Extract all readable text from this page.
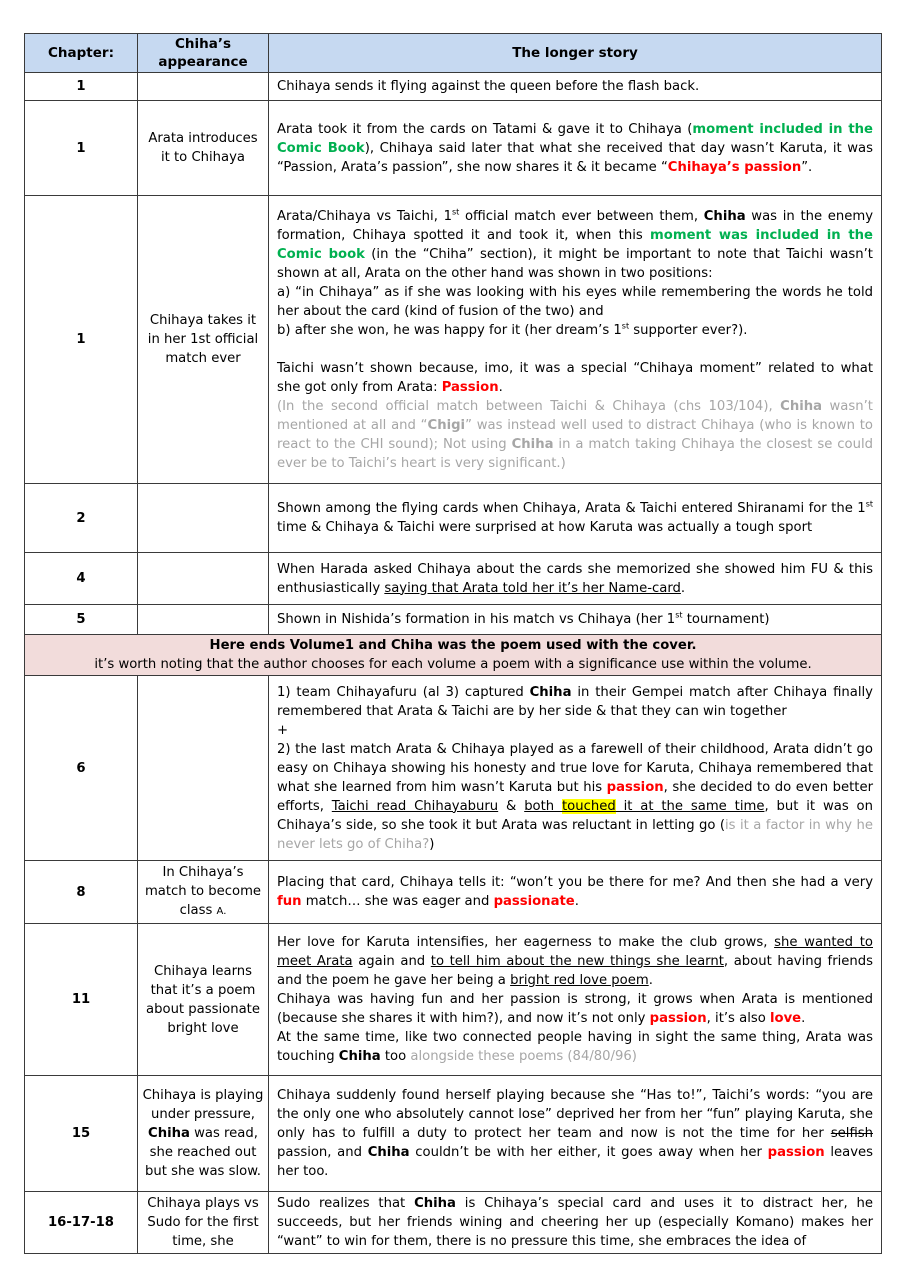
Chapter:	Chiha’s appearance	The longer story
1		Chihaya sends it flying against the queen before the flash back.
1	Arata introduces it to Chihaya	Arata took it from the cards on Tatami & gave it to Chihaya (moment included in the Comic Book), Chihaya said later that what she received that day wasn’t Karuta, it was “Passion, Arata’s passion”, she now shares it & it became “Chihaya’s passion”.
1	Chihaya takes it in her 1st official match ever	Arata/Chihaya vs Taichi, 1st official match ever between them, Chiha was in the enemy formation, Chihaya spotted it and took it, when this moment was included in the Comic book (in the “Chiha” section), it might be important to note that Taichi wasn’t shown at all, Arata on the other hand was shown in two positions:

a) “in Chihaya” as if she was looking with his eyes while remembering the words he told her about the card (kind of fusion of the two) and

b) after she won, he was happy for it (her dream’s 1st supporter ever?).

Taichi wasn’t shown because, imo, it was a special “Chihaya moment” related to what she got only from Arata: Passion.

(In the second official match between Taichi & Chihaya (chs 103/104), Chiha wasn’t mentioned at all and “Chigi” was instead well used to distract Chihaya (who is known to react to the CHI sound); Not using Chiha in a match taking Chihaya the closest se could ever be to Taichi’s heart is very significant.)

2		Shown among the flying cards when Chihaya, Arata & Taichi entered Shiranami for the 1st time & Chihaya & Taichi were surprised at how Karuta was actually a tough sport
4		When Harada asked Chihaya about the cards she memorized she showed him FU & this enthusiastically saying that Arata told her it’s her Name-card.
5		Shown in Nishida’s formation in his match vs Chihaya (her 1st tournament)

Here ends Volume1 and Chiha was the poem used with the cover.
it’s worth noting that the author chooses for each volume a poem with a significance use within the volume.		

6		1) team Chihayafuru (al 3) captured Chiha in their Gempei match after Chihaya finally remembered that Arata & Taichi are by her side & that they can win together

+

2) the last match Arata & Chihaya played as a farewell of their childhood, Arata didn’t go easy on Chihaya showing his honesty and true love for Karuta, Chihaya remembered that what she learned from him wasn’t Karuta but his passion, she decided to do even better efforts, Taichi read Chihayaburu & both touched it at the same time, but it was on Chihaya’s side, so she took it but Arata was reluctant in letting go (is it a factor in why he never lets go of Chiha?)

8	In Chihaya’s match to become class A.	Placing that card, Chihaya tells it: “won’t you be there for me? And then she had a very fun match… she was eager and passionate.
11	Chihaya learns that it’s a poem about passionate bright love	Her love for Karuta intensifies, her eagerness to make the club grows, she wanted to meet Arata again and to tell him about the new things she learnt, about having friends and the poem he gave her being a bright red love poem.

Chihaya was having fun and her passion is strong, it grows when Arata is mentioned (because she shares it with him?), and now it’s not only passion, it’s also love.

At the same time, like two connected people having in sight the same thing, Arata was touching Chiha too alongside these poems (84/80/96)

15	Chihaya is playing under pressure, Chiha was read, she reached out but she was slow.	Chihaya suddenly found herself playing because she “Has to!”, Taichi’s words: “you are the only one who absolutely cannot lose” deprived her from her “fun” playing Karuta, she only has to fulfill a duty to protect her team and now is not the time for her selfish passion, and Chiha couldn’t be with her either, it goes away when her passion leaves her too.
16-17-18	Chihaya plays vs Sudo for the first time, she	Sudo realizes that Chiha is Chihaya’s special card and uses it to distract her, he succeeds, but her friends wining and cheering her up (especially Komano) makes her “want” to win for them, there is no pressure this time, she embraces the idea of
